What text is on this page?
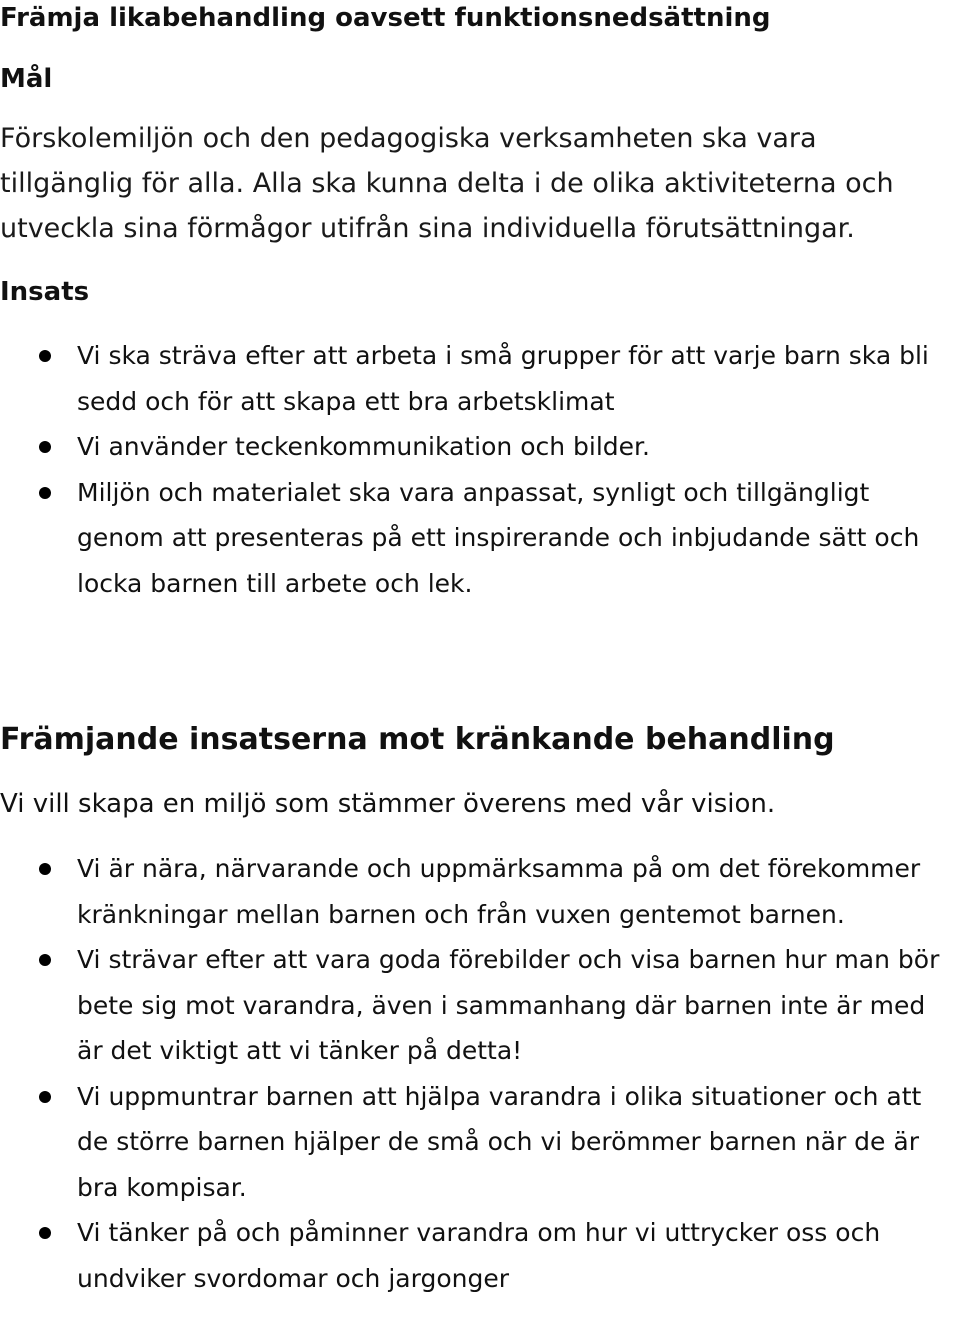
Främja likabehandling oavsett funktionsnedsättning
Mål

Förskolemiljön och den pedagogiska verksamheten ska vara tillgänglig för alla. Alla ska kunna delta i de olika aktiviteterna och utveckla sina förmågor utifrån sina individuella förutsättningar.

Insats
Vi ska sträva efter att arbeta i små grupper för att varje barn ska bli sedd och för att skapa ett bra arbetsklimat
Vi använder teckenkommunikation och bilder.
Miljön och materialet ska vara anpassat, synligt och tillgängligt genom att presenteras på ett inspirerande och inbjudande sätt och locka barnen till arbete och lek.
Främjande insatserna mot kränkande behandling

Vi vill skapa en miljö som stämmer överens med vår vision.

Vi är nära, närvarande och uppmärksamma på om det förekommer kränkningar mellan barnen och från vuxen gentemot barnen.
Vi strävar efter att vara goda förebilder och visa barnen hur man bör bete sig mot varandra, även i sammanhang där barnen inte är med är det viktigt att vi tänker på detta!
Vi uppmuntrar barnen att hjälpa varandra i olika situationer och att de större barnen hjälper de små och vi berömmer barnen när de är bra kompisar.
Vi tänker på och påminner varandra om hur vi uttrycker oss och undviker svordomar och jargonger
